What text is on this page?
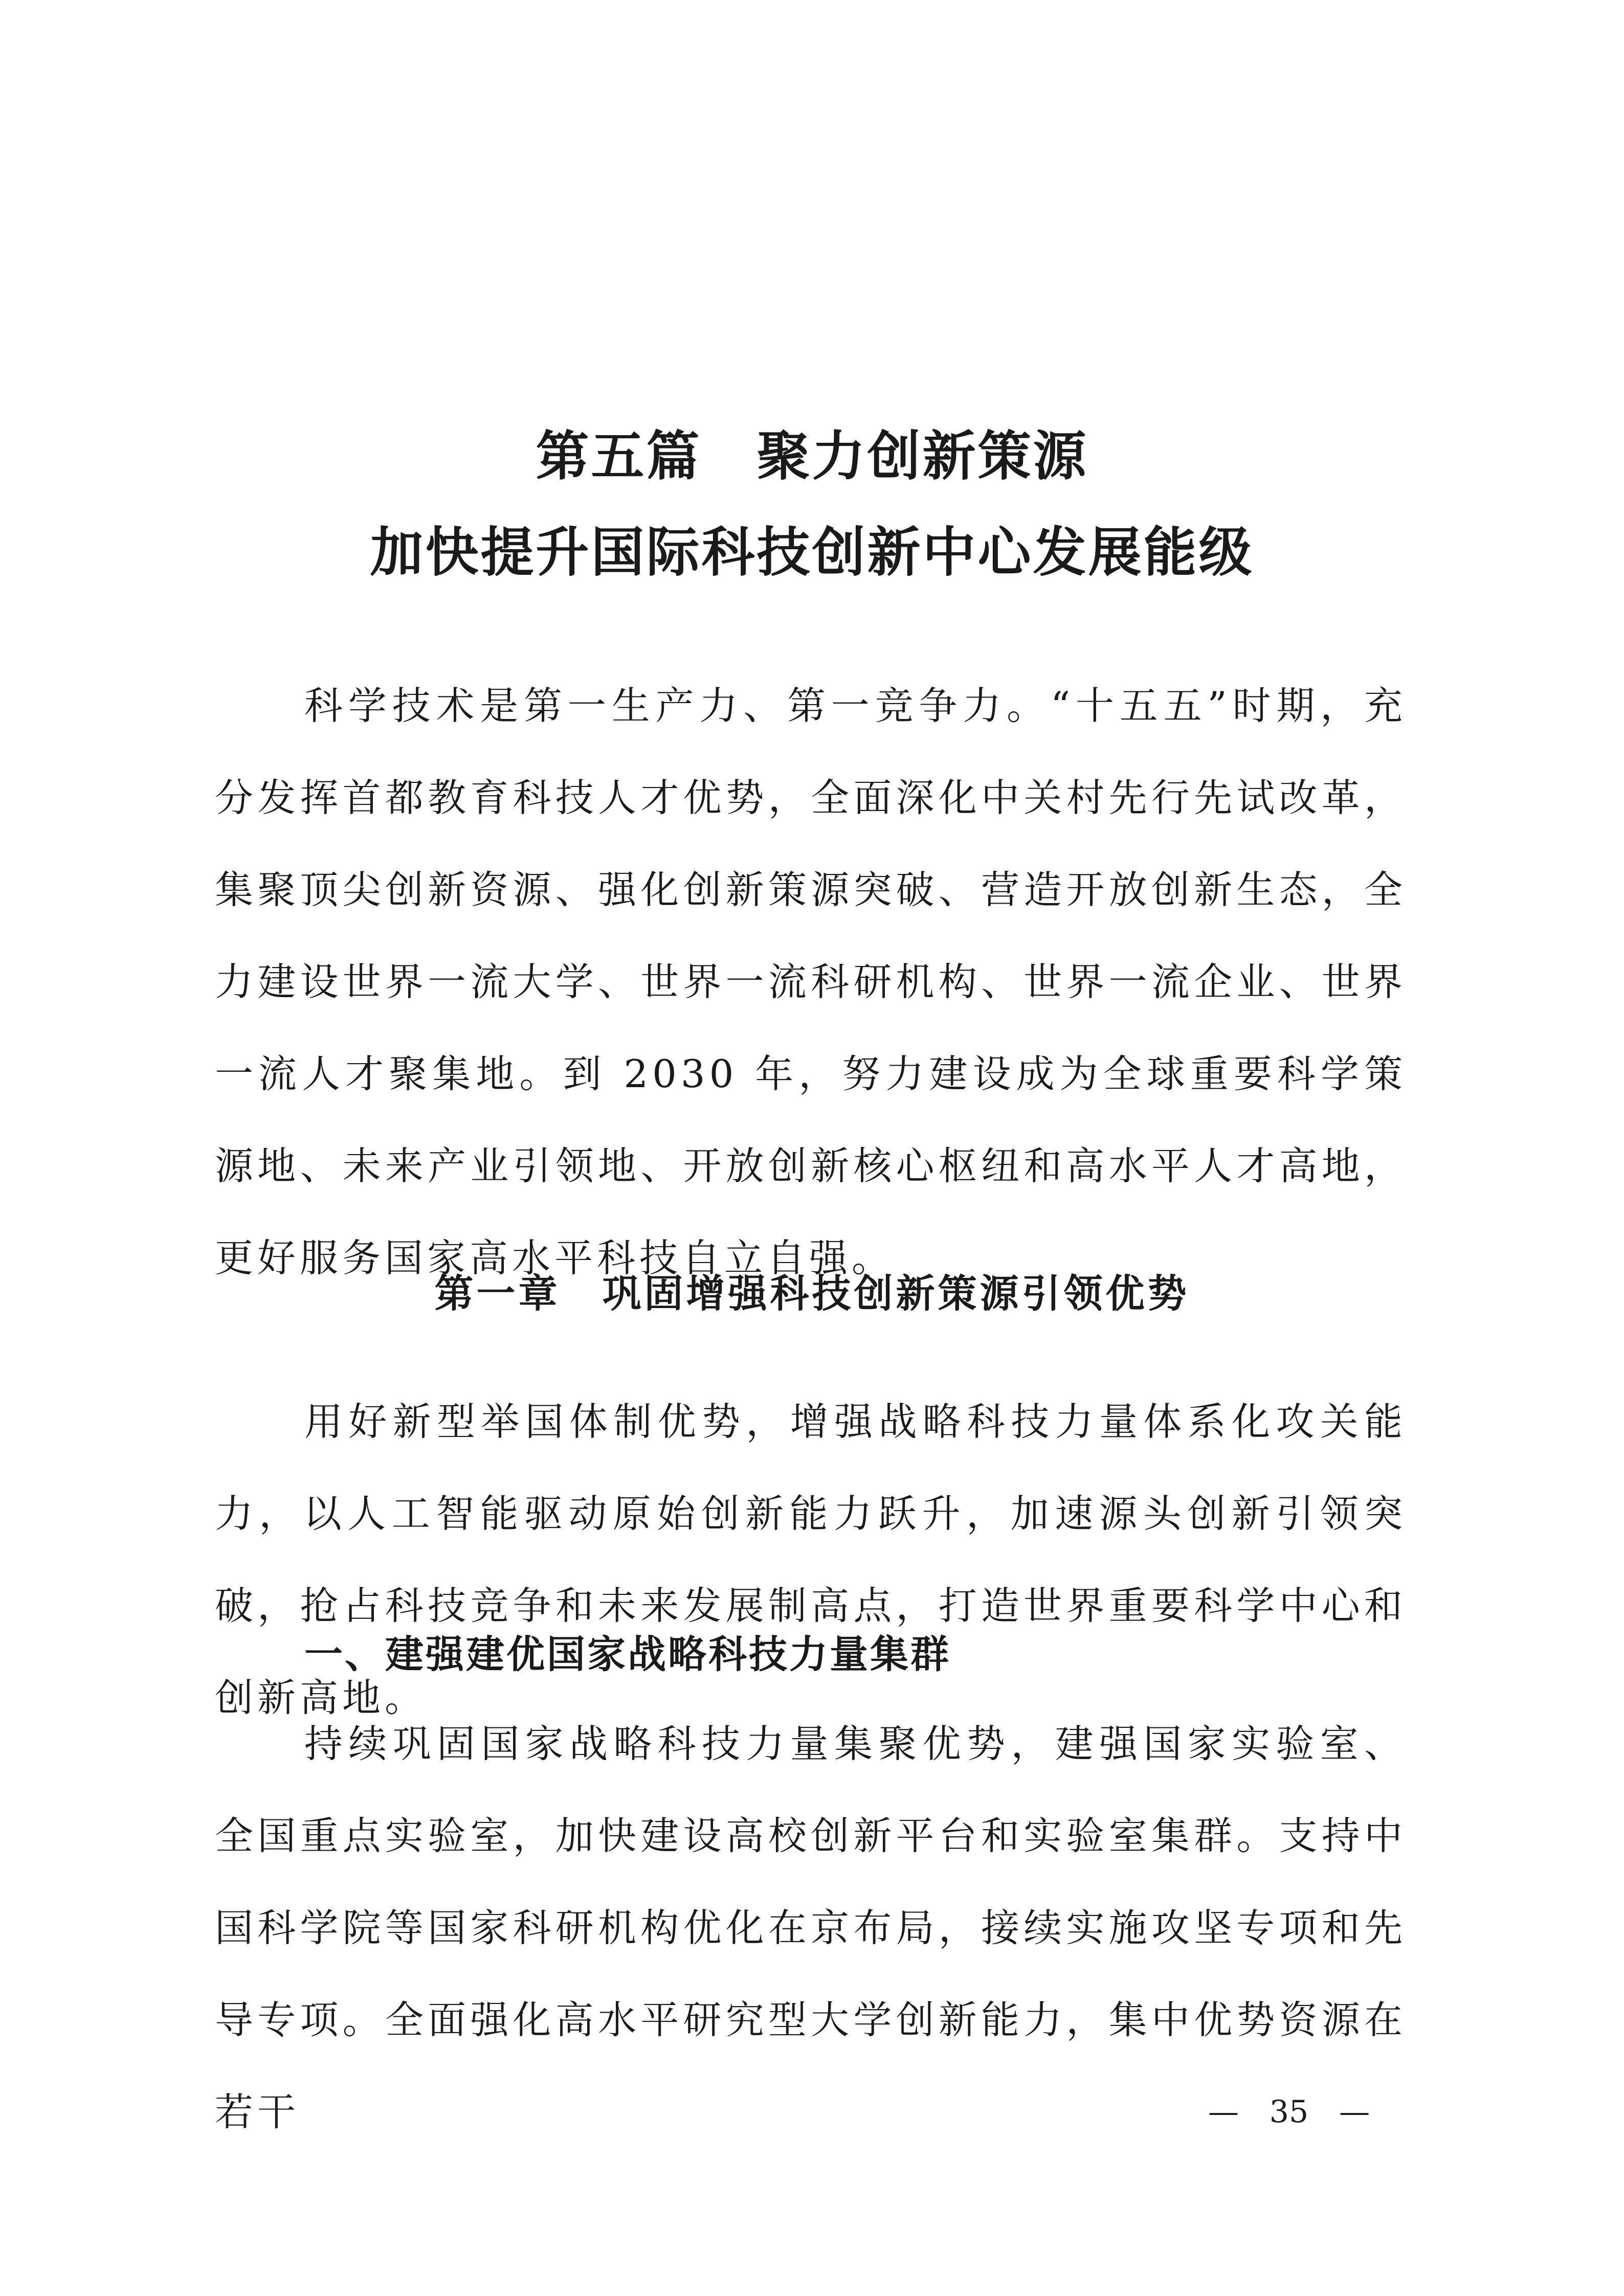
第五篇　聚力创新策源
加快提升国际科技创新中心发展能级

科学技术是第一生产力、第一竞争力。“十五五”时期，充分发挥首都教育科技人才优势，全面深化中关村先行先试改革，集聚顶尖创新资源、强化创新策源突破、营造开放创新生态，全力建设世界一流大学、世界一流科研机构、世界一流企业、世界一流人才聚集地。到 2030 年，努力建设成为全球重要科学策源地、未来产业引领地、开放创新核心枢纽和高水平人才高地，更好服务国家高水平科技自立自强。

第一章　巩固增强科技创新策源引领优势

用好新型举国体制优势，增强战略科技力量体系化攻关能力，以人工智能驱动原始创新能力跃升，加速源头创新引领突破，抢占科技竞争和未来发展制高点，打造世界重要科学中心和创新高地。

一、建强建优国家战略科技力量集群

持续巩固国家战略科技力量集聚优势，建强国家实验室、全国重点实验室，加快建设高校创新平台和实验室集群。支持中国科学院等国家科研机构优化在京布局，接续实施攻坚专项和先导专项。全面强化高水平研究型大学创新能力，集中优势资源在若干	—　35　—
